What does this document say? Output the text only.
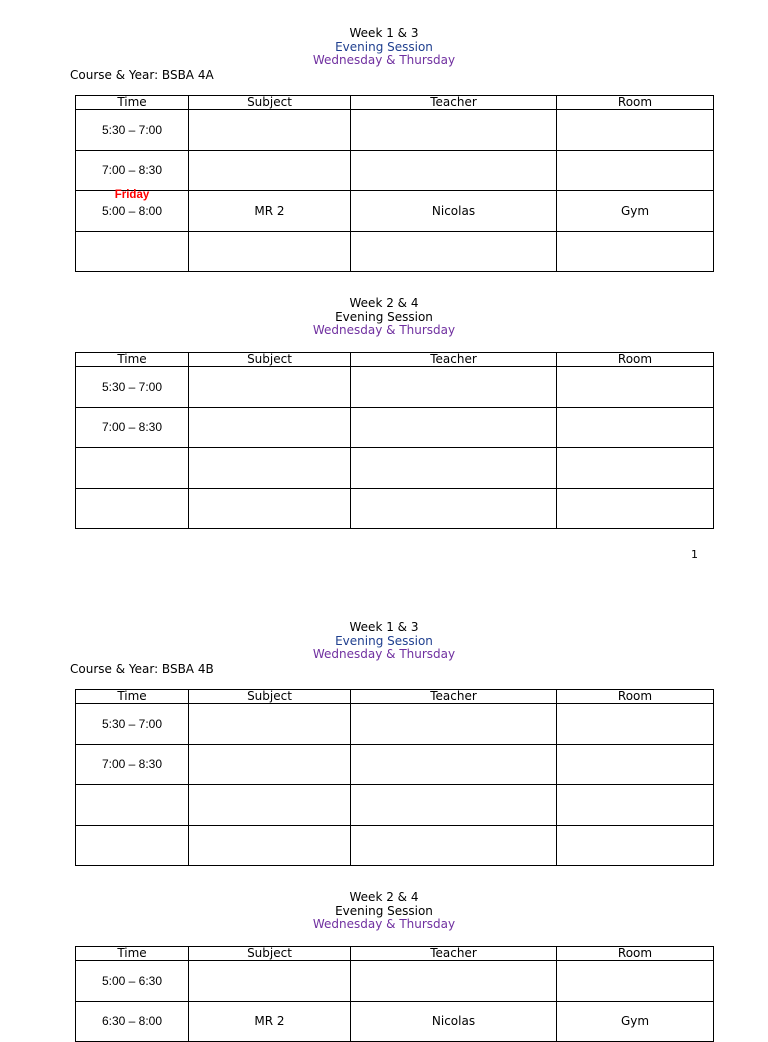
Week 1 & 3
Evening Session
Wednesday & Thursday
Course & Year: BSBA 4A
Time	Subject	Teacher	Room
5:30 – 7:00			
7:00 – 8:30			

Friday
5:00 – 8:00	MR 2	Nicolas	Gym

Week 2 & 4
Evening Session
Wednesday & Thursday
Time	Subject	Teacher	Room
5:30 – 7:00			
7:00 – 8:30			

1
Week 1 & 3
Evening Session
Wednesday & Thursday
Course & Year: BSBA 4B
Time	Subject	Teacher	Room
5:30 – 7:00			
7:00 – 8:30			

Week 2 & 4
Evening Session
Wednesday & Thursday
Time	Subject	Teacher	Room
5:00 – 6:30			
6:30 – 8:00	MR 2	Nicolas	Gym
